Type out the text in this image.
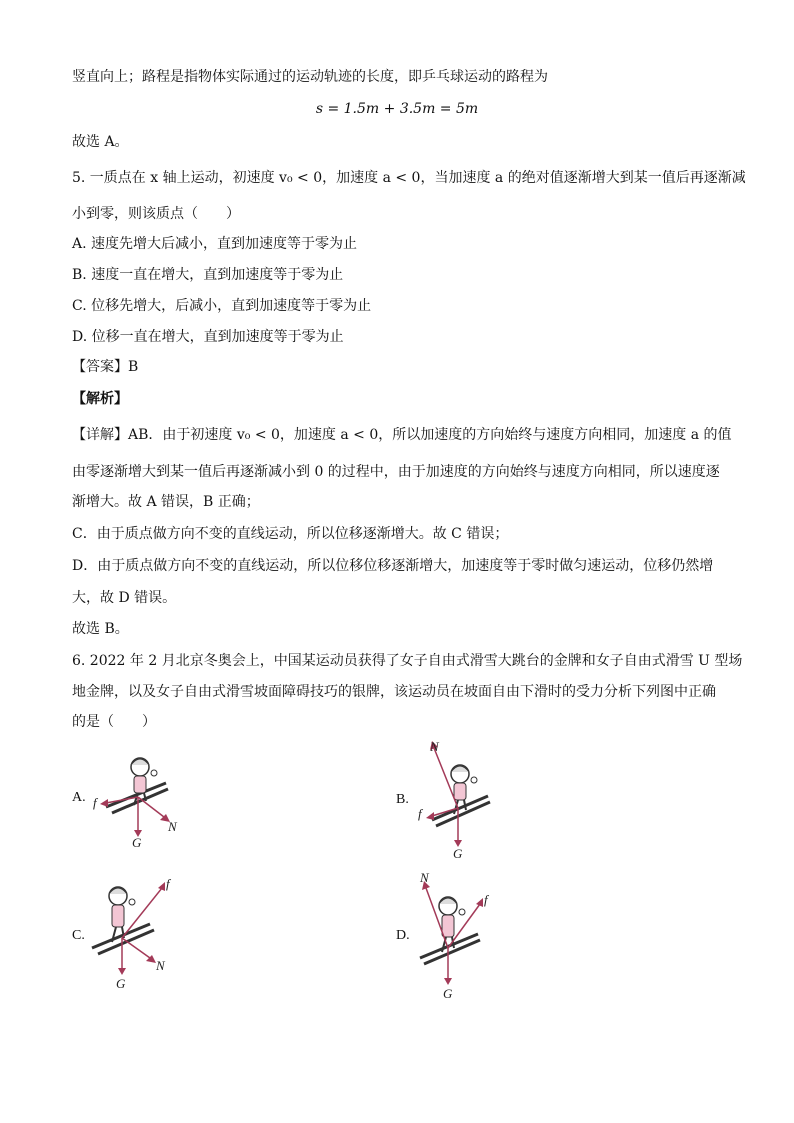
竖直向上；路程是指物体实际通过的运动轨迹的长度，即乒乓球运动的路程为
s = 1.5m + 3.5m = 5m
故选 A。
5. 一质点在 x 轴上运动，初速度 v₀ < 0，加速度 a < 0，当加速度 a 的绝对值逐渐增大到某一值后再逐渐减
小到零，则该质点（　　）
A. 速度先增大后减小，直到加速度等于零为止
B. 速度一直在增大，直到加速度等于零为止
C. 位移先增大，后减小，直到加速度等于零为止
D. 位移一直在增大，直到加速度等于零为止
【答案】B
【解析】
【详解】AB．由于初速度 v₀ < 0，加速度 a < 0，所以加速度的方向始终与速度方向相同，加速度 a 的值
由零逐渐增大到某一值后再逐渐减小到 0 的过程中，由于加速度的方向始终与速度方向相同，所以速度逐
渐增大。故 A 错误，B 正确；
C．由于质点做方向不变的直线运动，所以位移逐渐增大。故 C 错误；
D．由于质点做方向不变的直线运动，所以位移位移逐渐增大，加速度等于零时做匀速运动，位移仍然增
大，故 D 错误。
故选 B。
6. 2022 年 2 月北京冬奥会上，中国某运动员获得了女子自由式滑雪大跳台的金牌和女子自由式滑雪 U 型场
地金牌，以及女子自由式滑雪坡面障碍技巧的银牌，该运动员在坡面自由下滑时的受力分析下列图中正确
的是（　　）
A. f
N
G
B.
N
f
G
C.
f
N
G
D.
N
f
G
